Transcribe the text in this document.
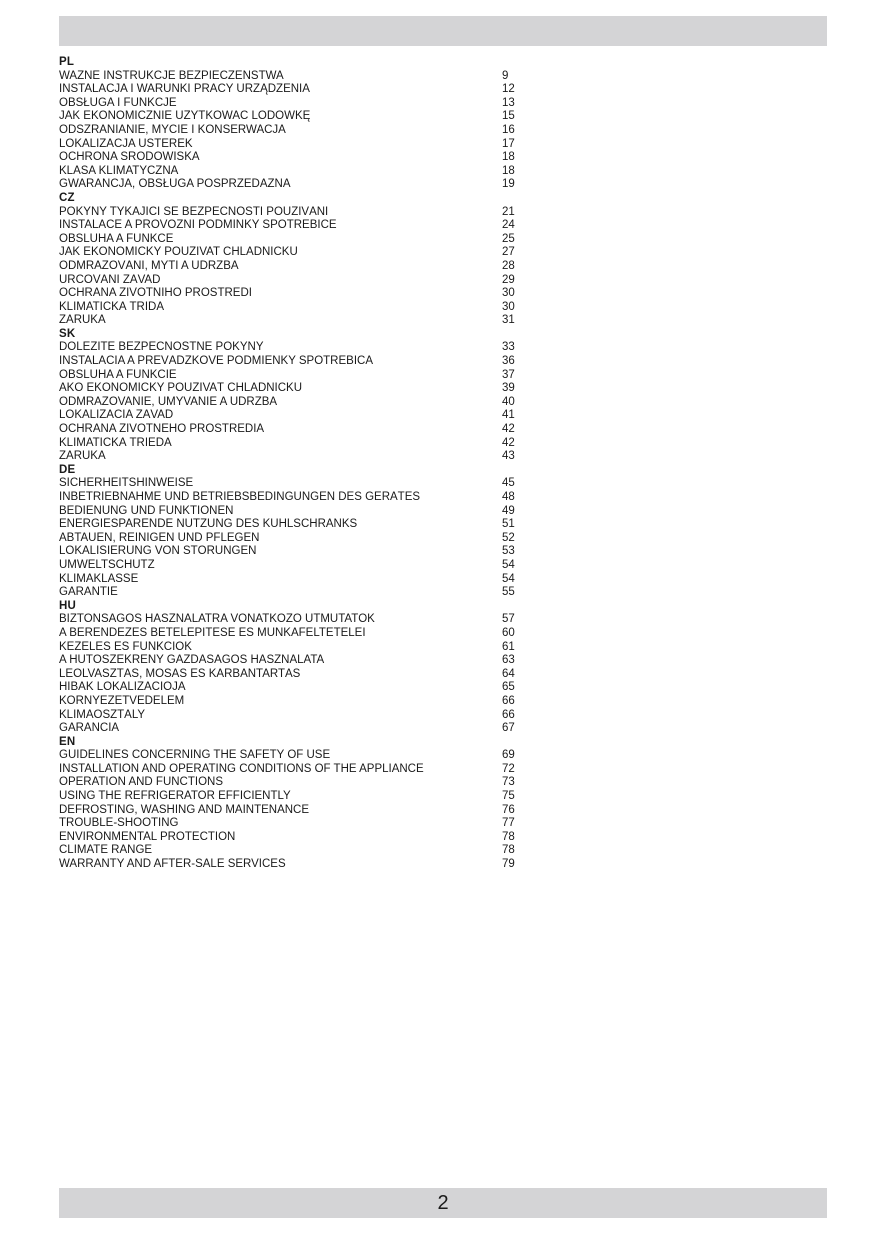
PL
WAŻNE INSTRUKCJE BEZPIECZEŃSTWA	9
INSTALACJA I WARUNKI PRACY URZĄDZENIA	12
OBSŁUGA I FUNKCJE	13
JAK EKONOMICZNIE UŻYTKOWAĆ LODÓWKĘ	15
ODSZRANIANIE, MYCIE I KONSERWACJA	16
LOKALIZACJA USTEREK	17
OCHRONA ŚRODOWISKA	18
KLASA KLIMATYCZNA	18
GWARANCJA, OBSŁUGA POSPRZEDAŻNA	19
CZ
POKYNY TÝKAJÍCÍ SE BEZPEČNOSTI POUŽÍVÁNÍ	21
INSTALACE A PROVOZNÍ PODMÍNKY SPOTŘEBIČE	24
OBSLUHA A FUNKCE	25
JAK EKONOMICKY POUŽÍVAT CHLADNIČKU	27
ODMRAZOVÁNÍ, MYTÍ A ÚDRŽBA	28
URČOVÁNÍ ZÁVAD	29
OCHRANA ŽIVOTNÍHO PROSTŘEDÍ	30
KLIMATICKÁ TŘÍDA	30
ZÁRUKA	31
SK
DÔLEŽITÉ BEZPEČNOSTNÉ POKYNY	33
INŠTALÁCIA A PREVÁDZKOVÉ PODMIENKY SPOTREBIČA	36
OBSLUHA A FUNKCIE	37
AKO EKONOMICKY POUŽÍVAŤ CHLADNIČKU	39
ODMRAZOVANIE, UMÝVANIE A ÚDRŽBA	40
LOKALIZÁCIA ZÁVAD	41
OCHRANA ŽIVOTNÉHO PROSTREDIA	42
KLIMATICKÁ TRIEDA	42
ZÁRUKA	43
DE
SICHERHEITSHINWEISE	45
INBETRIEBNAHME UND BETRIEBSBEDINGUNGEN DES GERÄTES	48
BEDIENUNG UND FUNKTIONEN	49
ENERGIESPARENDE NUTZUNG DES KÜHLSCHRANKS	51
ABTAUEN, REINIGEN UND PFLEGEN	52
LOKALISIERUNG VON STÖRUNGEN	53
UMWELTSCHUTZ	54
KLIMAKLASSE	54
GARANTIE	55
HU
BIZTONSÁGOS HASZNÁLATRA VONATKOZÓ ÚTMUTATÓK	57
A BERENDEZÉS BETELEPÍTÉSE ÉS MUNKAFELTÉTELEI	60
KEZELÉS ÉS FUNKCIÓK	61
A HŰTŐSZEKRÉNY GAZDASÁGOS HASZNÁLATA	63
LEOLVASZTÁS, MOSÁS ÉS KARBANTARTÁS	64
HIBÁK LOKALIZÁCIÓJA	65
KÖRNYEZETVÉDELEM	66
KLÍMAOSZTÁLY	66
GARANCIA	67
EN
GUIDELINES CONCERNING THE SAFETY OF USE	69
INSTALLATION AND OPERATING CONDITIONS OF THE APPLIANCE	72
OPERATION AND FUNCTIONS	73
USING THE REFRIGERATOR EFFICIENTLY	75
DEFROSTING, WASHING AND MAINTENANCE	76
TROUBLE-SHOOTING	77
ENVIRONMENTAL PROTECTION	78
CLIMATE RANGE	78
WARRANTY AND AFTER-SALE SERVICES	79
2
